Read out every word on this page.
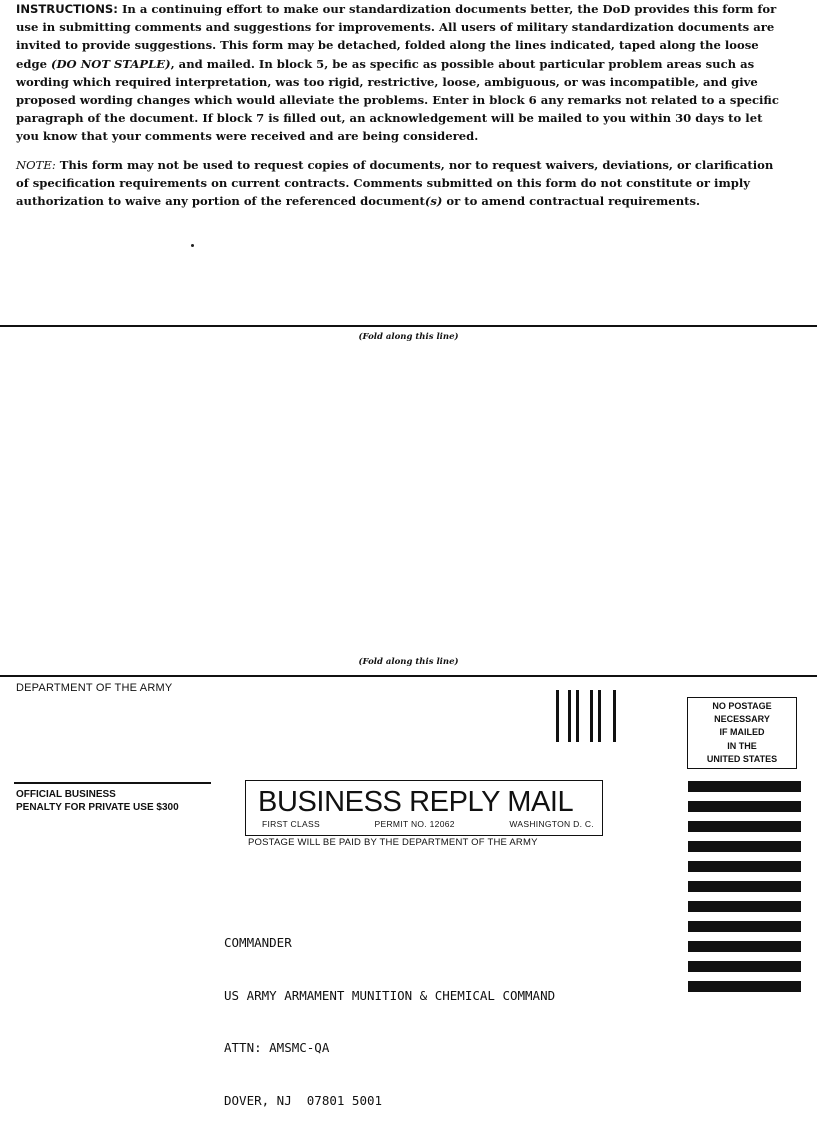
INSTRUCTIONS: In a continuing effort to make our standardization documents better, the DoD provides this form for use in submitting comments and suggestions for improvements. All users of military standardization documents are invited to provide suggestions. This form may be detached, folded along the lines indicated, taped along the loose edge (DO NOT STAPLE), and mailed. In block 5, be as specific as possible about particular problem areas such as wording which required interpretation, was too rigid, restrictive, loose, ambiguous, or was incompatible, and give proposed wording changes which would alleviate the problems. Enter in block 6 any remarks not related to a specific paragraph of the document. If block 7 is filled out, an acknowledgement will be mailed to you within 30 days to let you know that your comments were received and are being considered.

NOTE: This form may not be used to request copies of documents, nor to request waivers, deviations, or clarification of specification requirements on current contracts. Comments submitted on this form do not constitute or imply authorization to waive any portion of the referenced document(s) or to amend contractual requirements.

(Fold along this line)
(Fold along this line)
DEPARTMENT OF THE ARMY
OFFICIAL BUSINESS
PENALTY FOR PRIVATE USE $300
NO POSTAGE
NECESSARY
IF MAILED
IN THE
UNITED STATES
BUSINESS REPLY MAIL
FIRST CLASS	PERMIT NO. 12062	WASHINGTON D. C.
POSTAGE WILL BE PAID BY THE DEPARTMENT OF THE ARMY

COMMANDER

US ARMY ARMAMENT MUNITION & CHEMICAL COMMAND

ATTN: AMSMC-QA

DOVER, NJ  07801 5001
